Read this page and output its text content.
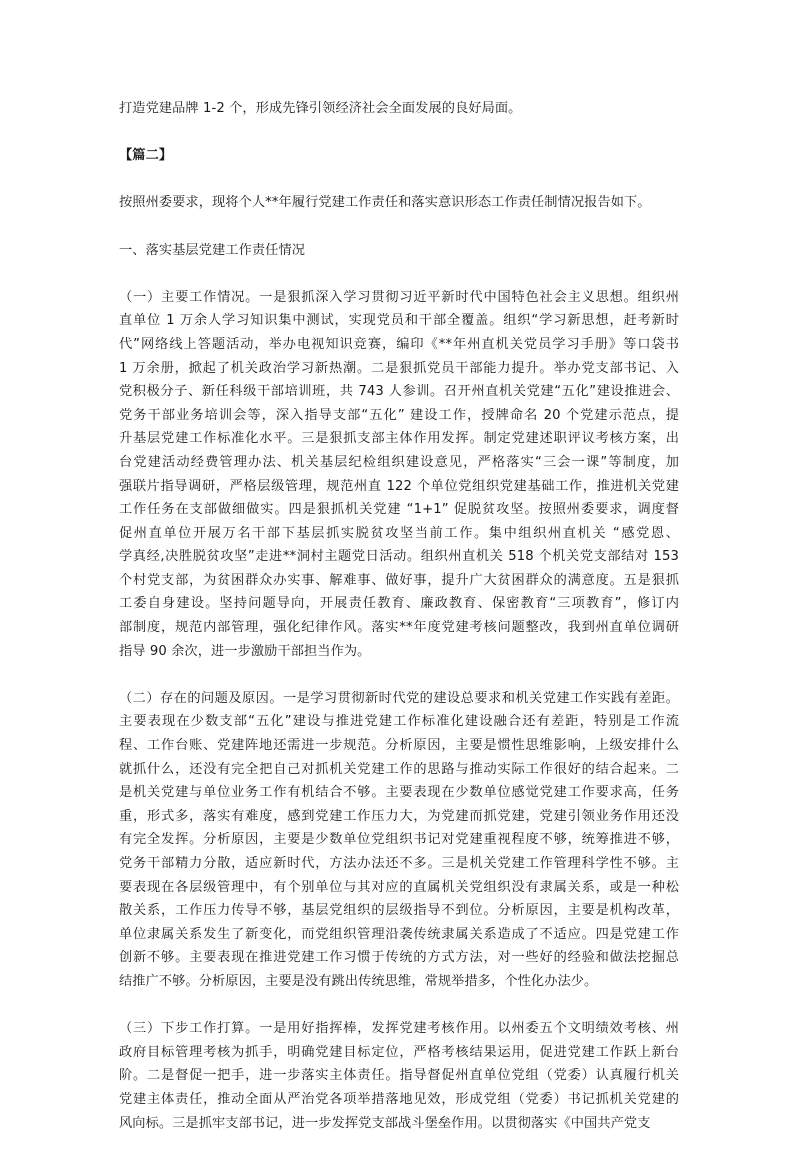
打造党建品牌 1-2 个，形成先锋引领经济社会全面发展的良好局面。

【篇二】

按照州委要求，现将个人**年履行党建工作责任和落实意识形态工作责任制情况报告如下。

一、落实基层党建工作责任情况

（一）主要工作情况。一是狠抓深入学习贯彻习近平新时代中国特色社会主义思想。组织州

直单位 1 万余人学习知识集中测试，实现党员和干部全覆盖。组织“学习新思想，赶考新时

代”网络线上答题活动，举办电视知识竞赛，编印《**年州直机关党员学习手册》等口袋书

1 万余册，掀起了机关政治学习新热潮。二是狠抓党员干部能力提升。举办党支部书记、入

党积极分子、新任科级干部培训班，共 743 人参训。召开州直机关党建“五化”建设推进会、

党务干部业务培训会等，深入指导支部“五化” 建设工作，授牌命名 20 个党建示范点，提

升基层党建工作标准化水平。三是狠抓支部主体作用发挥。制定党建述职评议考核方案，出

台党建活动经费管理办法、机关基层纪检组织建设意见，严格落实“三会一课”等制度，加

强联片指导调研，严格层级管理，规范州直 122 个单位党组织党建基础工作，推进机关党建

工作任务在支部做细做实。四是狠抓机关党建 “1+1” 促脱贫攻坚。按照州委要求，调度督

促州直单位开展万名干部下基层抓实脱贫攻坚当前工作。集中组织州直机关 “感党恩、

学真经,决胜脱贫攻坚”走进**洞村主题党日活动。组织州直机关 518 个机关党支部结对 153

个村党支部，为贫困群众办实事、解难事、做好事，提升广大贫困群众的满意度。五是狠抓

工委自身建设。坚持问题导向，开展责任教育、廉政教育、保密教育“三项教育”，修订内

部制度，规范内部管理，强化纪律作风。落实**年度党建考核问题整改，我到州直单位调研

指导 90 余次，进一步激励干部担当作为。

（二）存在的问题及原因。一是学习贯彻新时代党的建设总要求和机关党建工作实践有差距。

主要表现在少数支部“五化”建设与推进党建工作标准化建设融合还有差距，特别是工作流

程、工作台账、党建阵地还需进一步规范。分析原因，主要是惯性思维影响，上级安排什么

就抓什么，还没有完全把自己对抓机关党建工作的思路与推动实际工作很好的结合起来。二

是机关党建与单位业务工作有机结合不够。主要表现在少数单位感觉党建工作要求高，任务

重，形式多，落实有难度，感到党建工作压力大，为党建而抓党建，党建引领业务作用还没

有完全发挥。分析原因，主要是少数单位党组织书记对党建重视程度不够，统筹推进不够，

党务干部精力分散，适应新时代，方法办法还不多。三是机关党建工作管理科学性不够。主

要表现在各层级管理中，有个别单位与其对应的直属机关党组织没有隶属关系，或是一种松

散关系，工作压力传导不够，基层党组织的层级指导不到位。分析原因，主要是机构改革，

单位隶属关系发生了新变化，而党组织管理沿袭传统隶属关系造成了不适应。四是党建工作

创新不够。主要表现在推进党建工作习惯于传统的方式方法，对一些好的经验和做法挖掘总

结推广不够。分析原因，主要是没有跳出传统思维，常规举措多，个性化办法少。

（三）下步工作打算。一是用好指挥棒，发挥党建考核作用。以州委五个文明绩效考核、州

政府目标管理考核为抓手，明确党建目标定位，严格考核结果运用，促进党建工作跃上新台

阶。二是督促一把手，进一步落实主体责任。指导督促州直单位党组（党委）认真履行机关

党建主体责任，推动全面从严治党各项举措落地见效，形成党组（党委）书记抓机关党建的

风向标。三是抓牢支部书记，进一步发挥党支部战斗堡垒作用。以贯彻落实《中国共产党支
